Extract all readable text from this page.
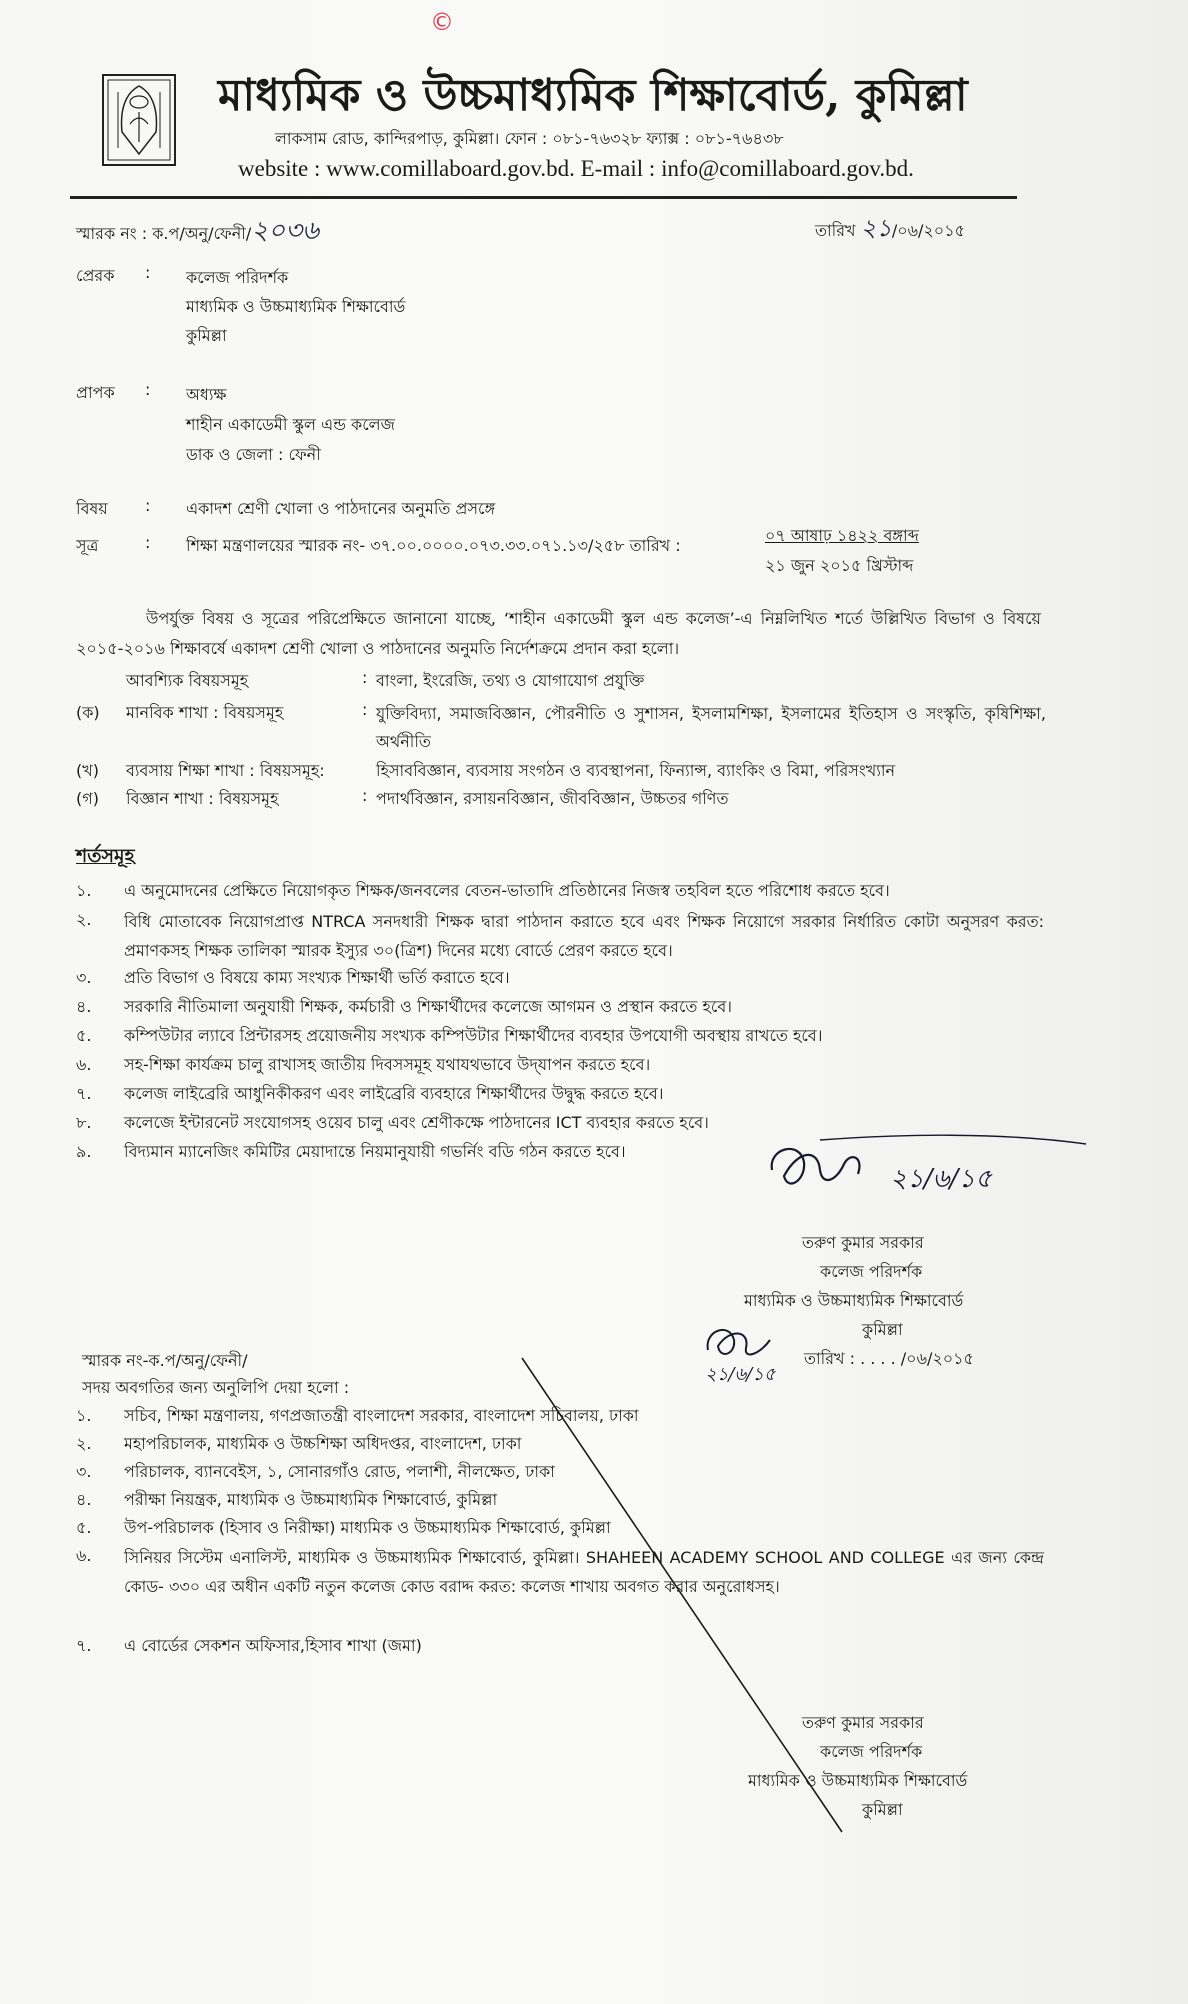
©
মাধ্যমিক ও উচ্চমাধ্যমিক শিক্ষাবোর্ড, কুমিল্লা
লাকসাম রোড, কান্দিরপাড়, কুমিল্লা। ফোন : ০৮১-৭৬৩২৮ ফ্যাক্স : ০৮১-৭৬৪৩৮
website : www.comillaboard.gov.bd. E-mail : info@comillaboard.gov.bd.
স্মারক নং : ক.প/অনু/ফেনী/২০৩৬	তারিখ ২১/০৬/২০১৫
প্রেরক : কলেজ পরিদর্শক
মাধ্যমিক ও উচ্চমাধ্যমিক শিক্ষাবোর্ড
কুমিল্লা
প্রাপক : অধ্যক্ষ
শাহীন একাডেমী স্কুল এন্ড কলেজ
ডাক ও জেলা : ফেনী
বিষয় : একাদশ শ্রেণী খোলা ও পাঠদানের অনুমতি প্রসঙ্গে
সূত্র	: শিক্ষা মন্ত্রণালয়ের স্মারক নং- ৩৭.০০.০০০০.০৭৩.৩৩.০৭১.১৩/২৫৮ তারিখ :
০৭ আষাঢ় ১৪২২ বঙ্গাব্দ
২১ জুন ২০১৫ খ্রিস্টাব্দ
উপর্যুক্ত বিষয় ও সূত্রের পরিপ্রেক্ষিতে জানানো যাচ্ছে, ‘শাহীন একাডেমী স্কুল এন্ড কলেজ’-এ নিম্নলিখিত শর্তে উল্লিখিত বিভাগ ও বিষয়ে ২০১৫-২০১৬ শিক্ষাবর্ষে একাদশ শ্রেণী খোলা ও পাঠদানের অনুমতি নির্দেশক্রমে প্রদান করা হলো।
আবশ্যিক বিষয়সমূহ	: বাংলা, ইংরেজি, তথ্য ও যোগাযোগ প্রযুক্তি
(ক)	মানবিক শাখা : বিষয়সমূহ	: যুক্তিবিদ্যা, সমাজবিজ্ঞান, পৌরনীতি ও সুশাসন, ইসলামশিক্ষা, ইসলামের ইতিহাস ও সংস্কৃতি, কৃষিশিক্ষা, অর্থনীতি
(খ)	ব্যবসায় শিক্ষা শাখা : বিষয়সমূহ:	হিসাববিজ্ঞান, ব্যবসায় সংগঠন ও ব্যবস্থাপনা, ফিন্যান্স, ব্যাংকিং ও বিমা, পরিসংখ্যান
(গ)	বিজ্ঞান শাখা : বিষয়সমূহ	: পদার্থবিজ্ঞান, রসায়নবিজ্ঞান, জীববিজ্ঞান, উচ্চতর গণিত
শর্তসমূহ
১.	এ অনুমোদনের প্রেক্ষিতে নিয়োগকৃত শিক্ষক/জনবলের বেতন-ভাতাদি প্রতিষ্ঠানের নিজস্ব তহবিল হতে পরিশোধ করতে হবে।
২.	বিধি মোতাবেক নিয়োগপ্রাপ্ত NTRCA সনদধারী শিক্ষক দ্বারা পাঠদান করাতে হবে এবং শিক্ষক নিয়োগে সরকার নির্ধারিত কোটা অনুসরণ করত: প্রমাণকসহ শিক্ষক তালিকা স্মারক ইস্যুর ৩০(ত্রিশ) দিনের মধ্যে বোর্ডে প্রেরণ করতে হবে।
৩.	প্রতি বিভাগ ও বিষয়ে কাম্য সংখ্যক শিক্ষার্থী ভর্তি করাতে হবে।
৪.	সরকারি নীতিমালা অনুযায়ী শিক্ষক, কর্মচারী ও শিক্ষার্থীদের কলেজে আগমন ও প্রস্থান করতে হবে।
৫.	কম্পিউটার ল্যাবে প্রিন্টারসহ প্রয়োজনীয় সংখ্যক কম্পিউটার শিক্ষার্থীদের ব্যবহার উপযোগী অবস্থায় রাখতে হবে।
৬.	সহ-শিক্ষা কার্যক্রম চালু রাখাসহ জাতীয় দিবসসমূহ যথাযথভাবে উদ্‌যাপন করতে হবে।
৭.	কলেজ লাইব্রেরি আধুনিকীকরণ এবং লাইব্রেরি ব্যবহারে শিক্ষার্থীদের উদ্বুদ্ধ করতে হবে।
৮.	কলেজে ইন্টারনেট সংযোগসহ ওয়েব চালু এবং শ্রেণীকক্ষে পাঠদানের ICT ব্যবহার করতে হবে।
৯.	বিদ্যমান ম্যানেজিং কমিটির মেয়াদান্তে নিয়মানুযায়ী গভর্নিং বডি গঠন করতে হবে।
২১/৬/১৫
তরুণ কুমার সরকার
কলেজ পরিদর্শক
মাধ্যমিক ও উচ্চমাধ্যমিক শিক্ষাবোর্ড
কুমিল্লা
তারিখ : . . . . /০৬/২০১৫
২১/৬/১৫
স্মারক নং-ক.প/অনু/ফেনী/
সদয় অবগতির জন্য অনুলিপি দেয়া হলো :
১.	সচিব, শিক্ষা মন্ত্রণালয়, গণপ্রজাতন্ত্রী বাংলাদেশ সরকার, বাংলাদেশ সচিবালয়, ঢাকা
২.	মহাপরিচালক, মাধ্যমিক ও উচ্চশিক্ষা অধিদপ্তর, বাংলাদেশ, ঢাকা
৩.	পরিচালক, ব্যানবেইস, ১, সোনারগাঁও রোড, পলাশী, নীলক্ষেত, ঢাকা
৪.	পরীক্ষা নিয়ন্ত্রক, মাধ্যমিক ও উচ্চমাধ্যমিক শিক্ষাবোর্ড, কুমিল্লা
৫.	উপ-পরিচালক (হিসাব ও নিরীক্ষা) মাধ্যমিক ও উচ্চমাধ্যমিক শিক্ষাবোর্ড, কুমিল্লা
৬.	সিনিয়র সিস্টেম এনালিস্ট, মাধ্যমিক ও উচ্চমাধ্যমিক শিক্ষাবোর্ড, কুমিল্লা। SHAHEEN ACADEMY SCHOOL AND COLLEGE এর জন্য কেন্দ্র কোড- ৩৩০ এর অধীন একটি নতুন কলেজ কোড বরাদ্দ করত: কলেজ শাখায় অবগত করার অনুরোধসহ।
৭.	এ বোর্ডের সেকশন অফিসার,হিসাব শাখা (জমা)
তরুণ কুমার সরকার
কলেজ পরিদর্শক
মাধ্যমিক ও উচ্চমাধ্যমিক শিক্ষাবোর্ড
কুমিল্লা
